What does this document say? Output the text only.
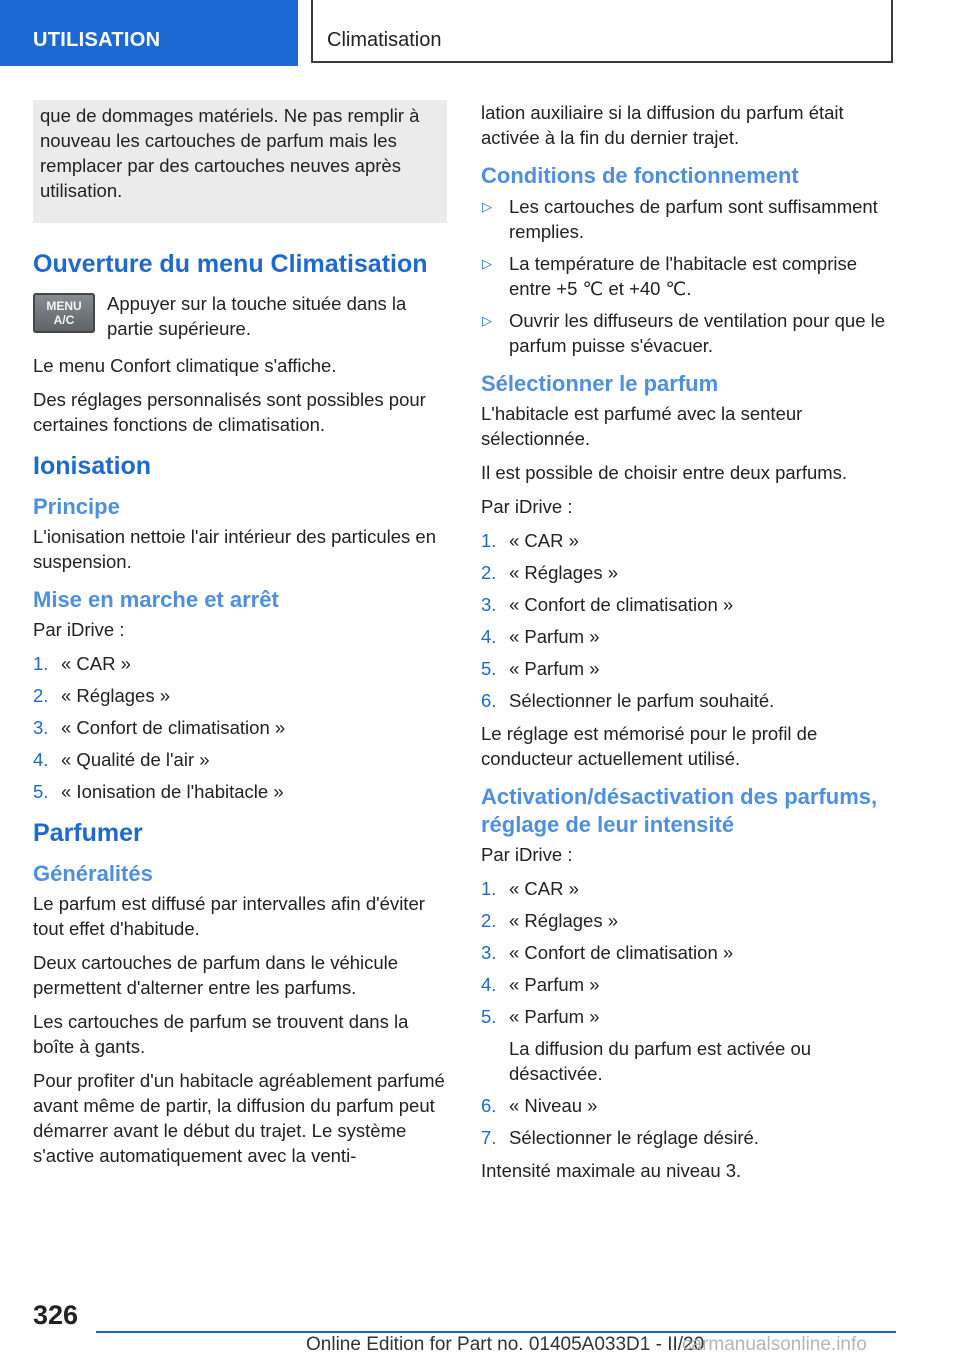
UTILISATION	Climatisation

que de dommages matériels. Ne pas remplir à nouveau les cartouches de parfum mais les remplacer par des cartouches neuves après utilisation.

Ouverture du menu Climatisation
MENU
A/C

Appuyer sur la touche située dans la partie supérieure.

Le menu Confort climatique s'affiche.

Des réglages personnalisés sont possibles pour certaines fonctions de climatisation.

Ionisation
Principe

L'ionisation nettoie l'air intérieur des particules en suspension.

Mise en marche et arrêt

Par iDrive :

1. « CAR »
2. « Réglages »
3. « Confort de climatisation »
4. « Qualité de l'air »
5. « Ionisation de l'habitacle »
Parfumer
Généralités

Le parfum est diffusé par intervalles afin d'éviter tout effet d'habitude.

Deux cartouches de parfum dans le véhicule permettent d'alterner entre les parfums.

Les cartouches de parfum se trouvent dans la boîte à gants.

Pour profiter d'un habitacle agréablement parfumé avant même de partir, la diffusion du parfum peut démarrer avant le début du trajet. Le système s'active automatiquement avec la venti-

lation auxiliaire si la diffusion du parfum était activée à la fin du dernier trajet.

Conditions de fonctionnement
▷ Les cartouches de parfum sont suffisamment remplies.
▷ La température de l'habitacle est comprise entre +5 ℃ et +40 ℃.
▷ Ouvrir les diffuseurs de ventilation pour que le parfum puisse s'évacuer.
Sélectionner le parfum

L'habitacle est parfumé avec la senteur sélectionnée.

Il est possible de choisir entre deux parfums.

Par iDrive :

1. « CAR »
2. « Réglages »
3. « Confort de climatisation »
4. « Parfum »
5. « Parfum »
6. Sélectionner le parfum souhaité.

Le réglage est mémorisé pour le profil de conducteur actuellement utilisé.

Activation/désactivation des parfums, réglage de leur intensité

Par iDrive :

1. « CAR »
2. « Réglages »
3. « Confort de climatisation »
4. « Parfum »
5. « Parfum »
La diffusion du parfum est activée ou désactivée.
6. « Niveau »
7. Sélectionner le réglage désiré.

Intensité maximale au niveau 3.

326
Online Edition for Part no. 01405A033D1 - II/20
carmanualsonline.info
